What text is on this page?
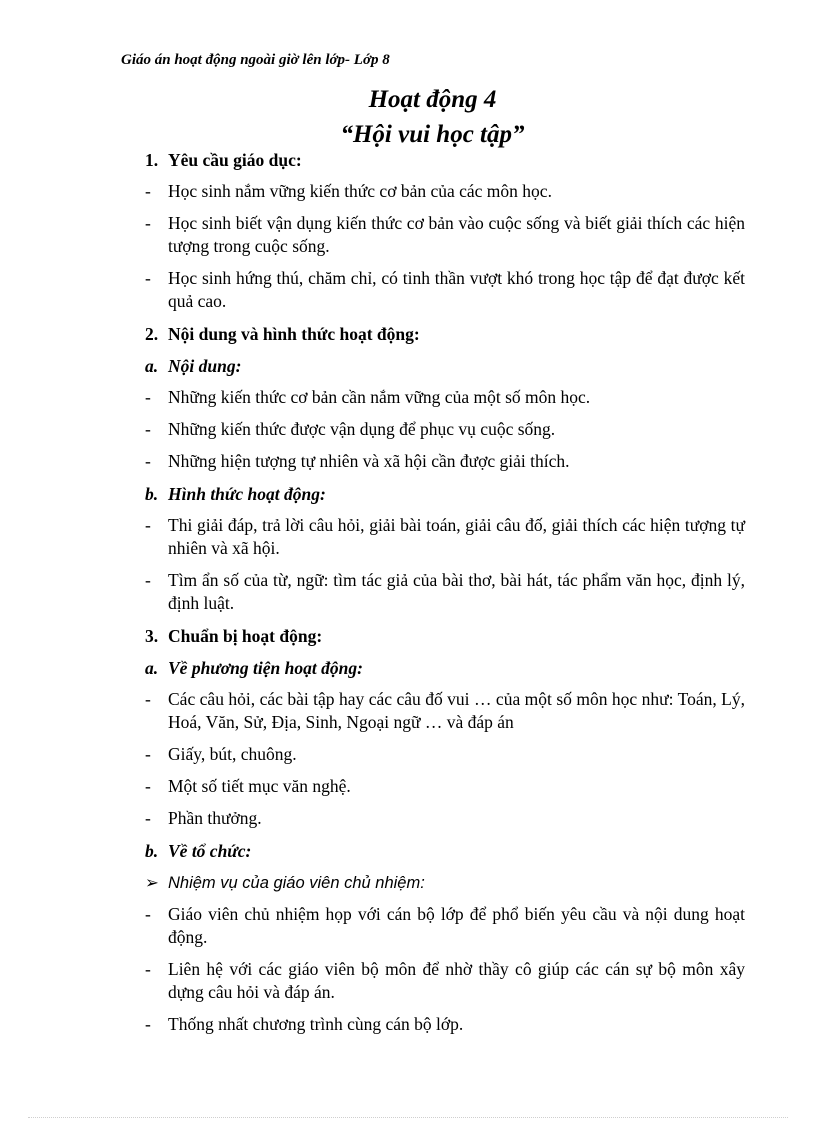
Giáo án hoạt động ngoài giờ lên lớp- Lớp 8
Hoạt động 4
“Hội vui học tập”
1. Yêu cầu giáo dục:
- Học sinh nắm vững kiến thức cơ bản của các môn học.
- Học sinh biết vận dụng kiến thức cơ bản vào cuộc sống và biết giải thích các hiện tượng trong cuộc sống.
- Học sinh hứng thú, chăm chỉ, có tinh thần vượt khó trong học tập để đạt được kết quả cao.
2. Nội dung và hình thức hoạt động:
a. Nội dung:
- Những kiến thức cơ bản cần nắm vững của một số môn học.
- Những kiến thức được vận dụng để phục vụ cuộc sống.
- Những hiện tượng tự nhiên và xã hội cần được giải thích.
b. Hình thức hoạt động:
- Thi giải đáp, trả lời câu hỏi, giải bài toán, giải câu đố, giải thích các hiện tượng tự nhiên và xã hội.
- Tìm ẩn số của từ, ngữ: tìm tác giả của bài thơ, bài hát, tác phẩm văn học, định lý, định luật.
3. Chuẩn bị hoạt động:
a. Về phương tiện hoạt động:
- Các câu hỏi, các bài tập hay các câu đố vui … của một số môn học như: Toán, Lý, Hoá, Văn, Sử, Địa, Sinh, Ngoại ngữ … và đáp án
- Giấy, bút, chuông.
- Một số tiết mục văn nghệ.
- Phần thưởng.
b. Về tổ chức:
➢ Nhiệm vụ của giáo viên chủ nhiệm:
- Giáo viên chủ nhiệm họp với cán bộ lớp để phổ biến yêu cầu và nội dung hoạt động.
- Liên hệ với các giáo viên bộ môn để nhờ thầy cô giúp các cán sự bộ môn xây dựng câu hỏi và đáp án.
- Thống nhất chương trình cùng cán bộ lớp.
